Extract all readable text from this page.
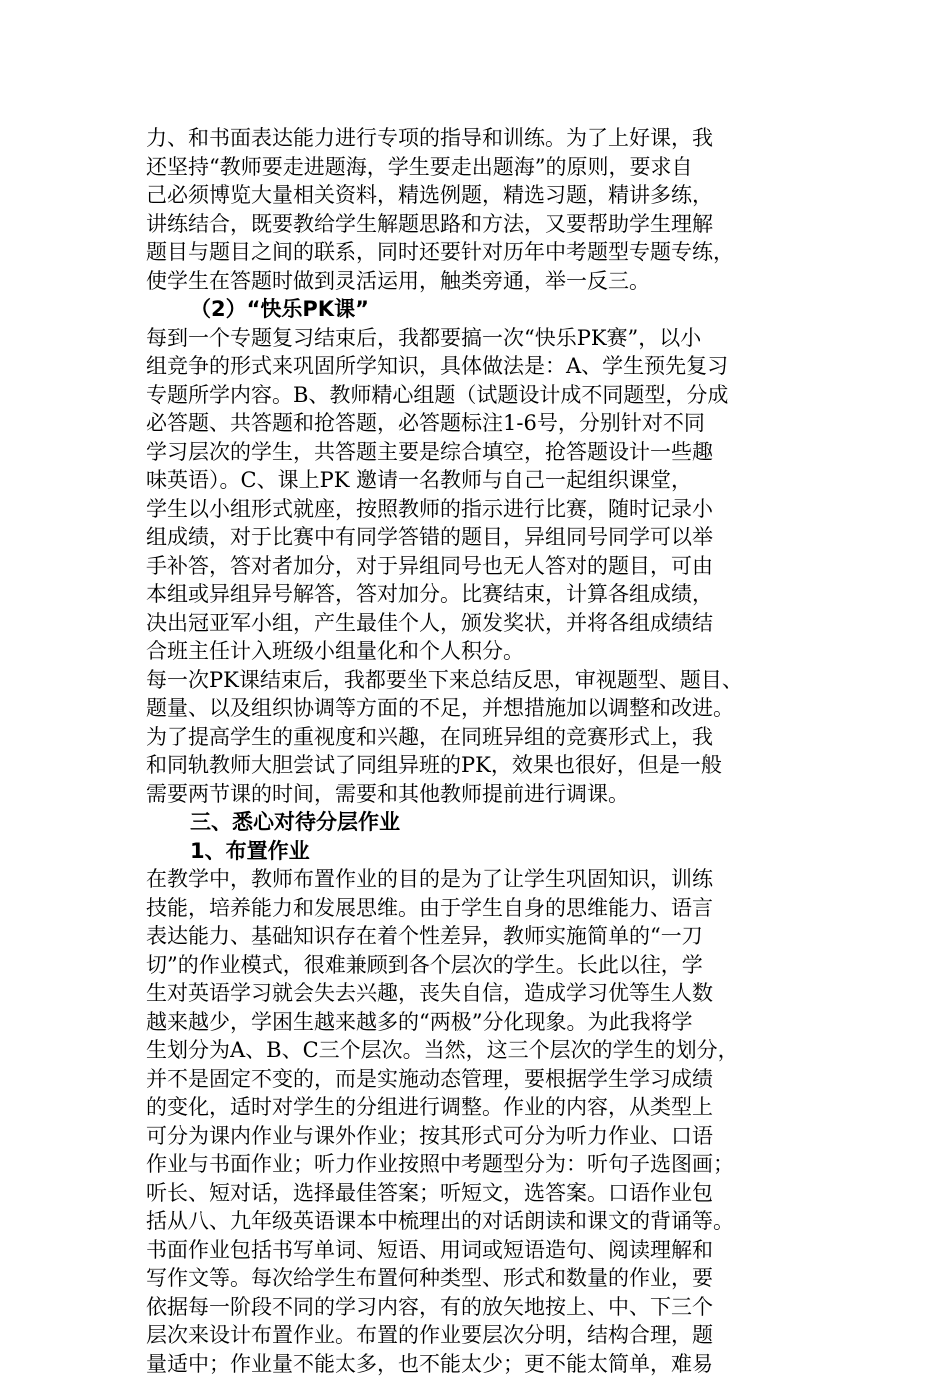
力、和书面表达能力进行专项的指导和训练。为了上好课，我
还坚持“教师要走进题海，学生要走出题海”的原则，要求自
己必须博览大量相关资料，精选例题，精选习题，精讲多练，
讲练结合，既要教给学生解题思路和方法，又要帮助学生理解
题目与题目之间的联系，同时还要针对历年中考题型专题专练，
使学生在答题时做到灵活运用，触类旁通，举一反三。
（2）“快乐PK课”
每到一个专题复习结束后，我都要搞一次“快乐PK赛”，以小
组竞争的形式来巩固所学知识，具体做法是：A、学生预先复习
专题所学内容。B、教师精心组题（试题设计成不同题型，分成
必答题、共答题和抢答题，必答题标注1-6号，分别针对不同
学习层次的学生，共答题主要是综合填空，抢答题设计一些趣
味英语）。C、课上PK 邀请一名教师与自己一起组织课堂，
学生以小组形式就座，按照教师的指示进行比赛，随时记录小
组成绩，对于比赛中有同学答错的题目，异组同号同学可以举
手补答，答对者加分，对于异组同号也无人答对的题目，可由
本组或异组异号解答，答对加分。比赛结束，计算各组成绩，
决出冠亚军小组，产生最佳个人，颁发奖状，并将各组成绩结
合班主任计入班级小组量化和个人积分。
每一次PK课结束后，我都要坐下来总结反思，审视题型、题目、
题量、以及组织协调等方面的不足，并想措施加以调整和改进。
为了提高学生的重视度和兴趣，在同班异组的竞赛形式上，我
和同轨教师大胆尝试了同组异班的PK，效果也很好，但是一般
需要两节课的时间，需要和其他教师提前进行调课。
三、悉心对待分层作业
1、布置作业
在教学中，教师布置作业的目的是为了让学生巩固知识，训练
技能，培养能力和发展思维。由于学生自身的思维能力、语言
表达能力、基础知识存在着个性差异，教师实施简单的“一刀
切”的作业模式，很难兼顾到各个层次的学生。长此以往，学
生对英语学习就会失去兴趣，丧失自信，造成学习优等生人数
越来越少，学困生越来越多的“两极”分化现象。为此我将学
生划分为A、B、C三个层次。当然，这三个层次的学生的划分，
并不是固定不变的，而是实施动态管理，要根据学生学习成绩
的变化，适时对学生的分组进行调整。作业的内容，从类型上
可分为课内作业与课外作业；按其形式可分为听力作业、口语
作业与书面作业；听力作业按照中考题型分为：听句子选图画；
听长、短对话，选择最佳答案；听短文，选答案。口语作业包
括从八、九年级英语课本中梳理出的对话朗读和课文的背诵等。
书面作业包括书写单词、短语、用词或短语造句、阅读理解和
写作文等。每次给学生布置何种类型、形式和数量的作业，要
依据每一阶段不同的学习内容，有的放矢地按上、中、下三个
层次来设计布置作业。布置的作业要层次分明，结构合理，题
量适中；作业量不能太多，也不能太少；更不能太简单，难易
